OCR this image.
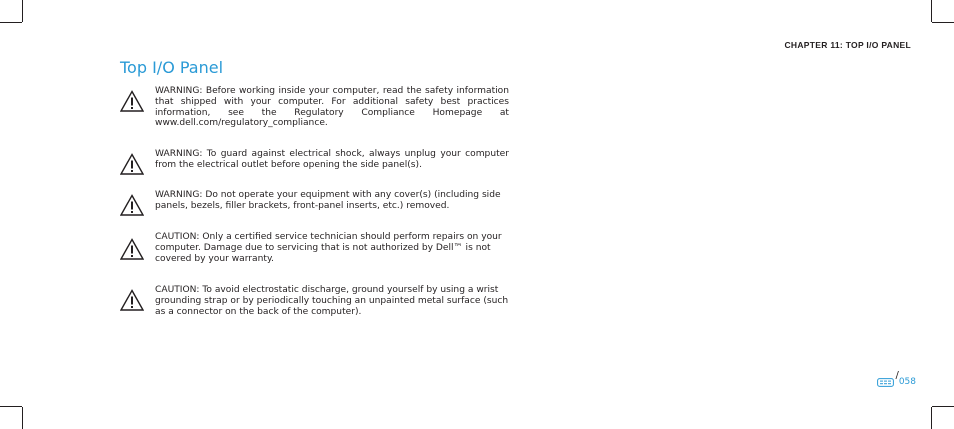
CHAPTER 11: TOP I/O PANEL
Top I/O Panel
WARNING: Before working inside your computer, read the safety information that shipped with your computer. For additional safety best practices information, see the Regulatory Compliance Homepage at www.dell.com/regulatory_compliance.
WARNING: To guard against electrical shock, always unplug your computer from the electrical outlet before opening the side panel(s).
WARNING: Do not operate your equipment with any cover(s) (including side panels, bezels, filler brackets, front-panel inserts, etc.) removed.
CAUTION: Only a certified service technician should perform repairs on your computer. Damage due to servicing that is not authorized by Dell™ is not covered by your warranty.
CAUTION: To avoid electrostatic discharge, ground yourself by using a wrist grounding strap or by periodically touching an unpainted metal surface (such as a connector on the back of the computer).
/
058
